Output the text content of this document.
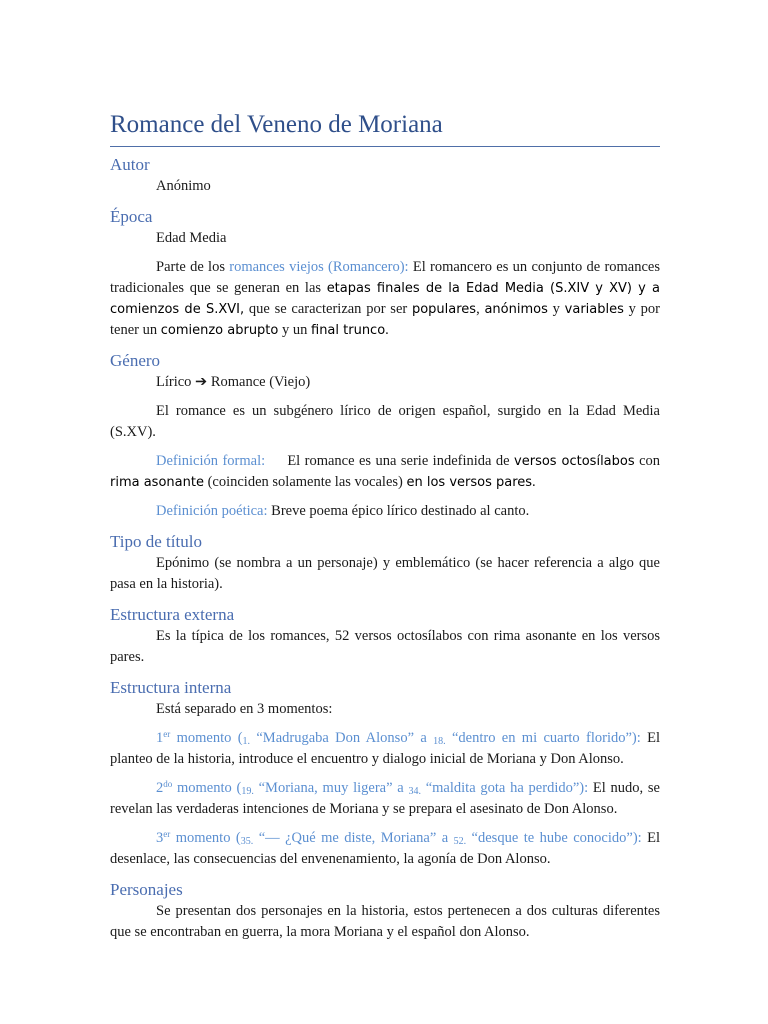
Romance del Veneno de Moriana
Autor

Anónimo

Época

Edad Media

Parte de los romances viejos (Romancero): El romancero es un conjunto de romances tradicionales que se generan en las etapas finales de la Edad Media (S.XIV y XV) y a comienzos de S.XVI, que se caracterizan por ser populares, anónimos y variables y por tener un comienzo abrupto y un final trunco.

Género

Lírico ➔ Romance (Viejo)

El romance es un subgénero lírico de origen español, surgido en la Edad Media (S.XV).

Definición formal:     El romance es una serie indefinida de versos octosílabos con rima asonante (coinciden solamente las vocales) en los versos pares.

Definición poética: Breve poema épico lírico destinado al canto.

Tipo de título

Epónimo (se nombra a un personaje) y emblemático (se hacer referencia a algo que pasa en la historia).

Estructura externa

Es la típica de los romances, 52 versos octosílabos con rima asonante en los versos pares.

Estructura interna

Está separado en 3 momentos:

1er momento ($_{1.}$ “Madrugaba Don Alonso” a $_{18.}$ “dentro en mi cuarto florido”): El planteo de la historia, introduce el encuentro y dialogo inicial de Moriana y Don Alonso.

$2^{do}$ momento ($_{19.}$ “Moriana, muy ligera” a $_{34.}$ “maldita gota ha perdido”): El nudo, se revelan las verdaderas intenciones de Moriana y se prepara el asesinato de Don Alonso.

3er momento ($_{35.}$ “— ¿Qué me diste, Moriana” a $_{52.}$ “desque te hube conocido”): El desenlace, las consecuencias del envenenamiento, la agonía de Don Alonso.

Personajes

Se presentan dos personajes en la historia, estos pertenecen a dos culturas diferentes que se encontraban en guerra, la mora Moriana y el español don Alonso.
